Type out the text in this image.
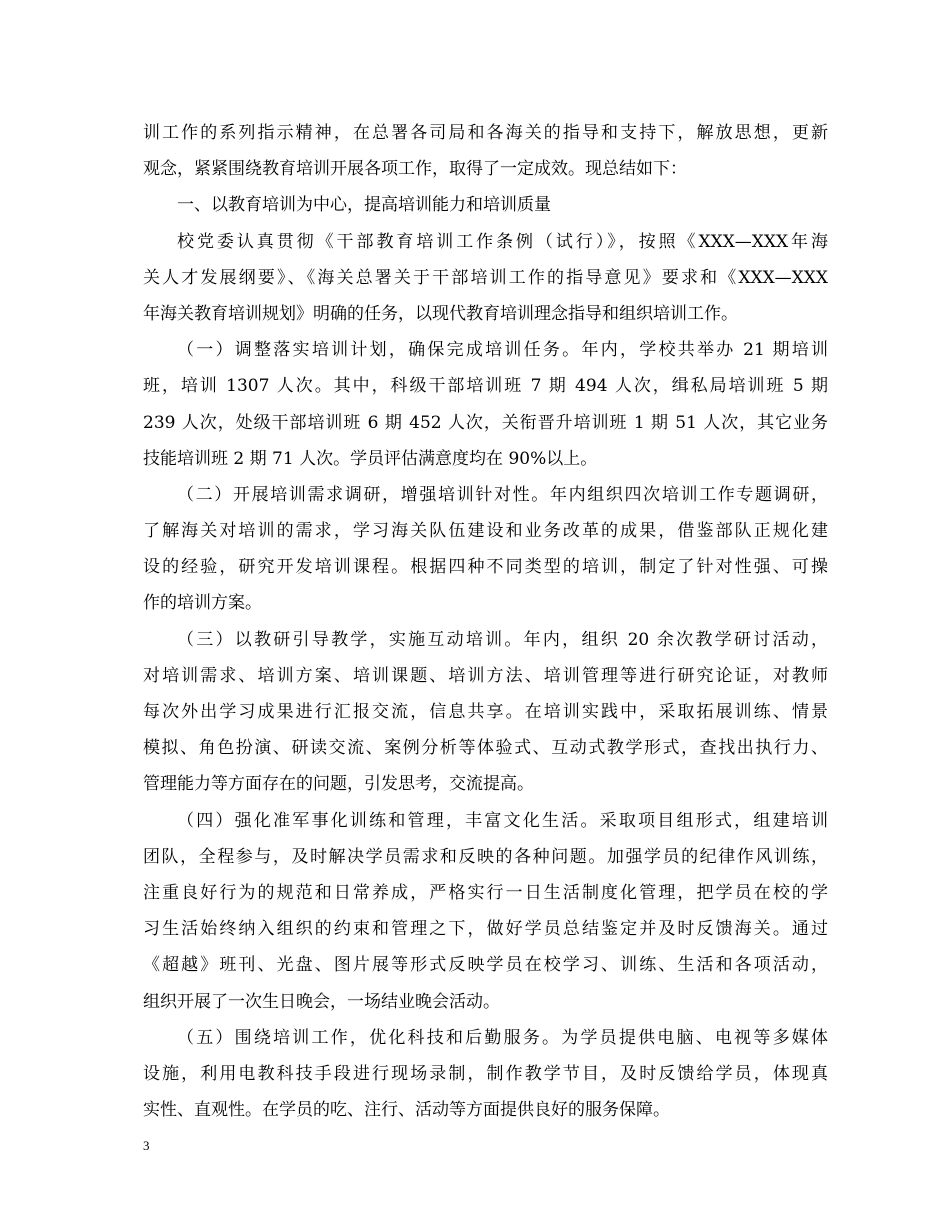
训工作的系列指示精神，在总署各司局和各海关的指导和支持下，解放思想，更新
观念，紧紧围绕教育培训开展各项工作，取得了一定成效。现总结如下：
一、以教育培训为中心，提高培训能力和培训质量
校党委认真贯彻《干部教育培训工作条例（试行）》，按照《XXX—XXX年海
关人才发展纲要》、《海关总署关于干部培训工作的指导意见》要求和《XXX—XXX
年海关教育培训规划》明确的任务，以现代教育培训理念指导和组织培训工作。
（一）调整落实培训计划，确保完成培训任务。年内，学校共举办 21 期培训
班，培训 1307 人次。其中，科级干部培训班 7 期 494 人次，缉私局培训班 5 期
239 人次，处级干部培训班 6 期 452 人次，关衔晋升培训班 1 期 51 人次，其它业务
技能培训班 2 期 71 人次。学员评估满意度均在 90%以上。
（二）开展培训需求调研，增强培训针对性。年内组织四次培训工作专题调研，
了解海关对培训的需求，学习海关队伍建设和业务改革的成果，借鉴部队正规化建
设的经验，研究开发培训课程。根据四种不同类型的培训，制定了针对性强、可操
作的培训方案。
（三）以教研引导教学，实施互动培训。年内，组织 20 余次教学研讨活动，
对培训需求、培训方案、培训课题、培训方法、培训管理等进行研究论证，对教师
每次外出学习成果进行汇报交流，信息共享。在培训实践中，采取拓展训练、情景
模拟、角色扮演、研读交流、案例分析等体验式、互动式教学形式，查找出执行力、
管理能力等方面存在的问题，引发思考，交流提高。
（四）强化准军事化训练和管理，丰富文化生活。采取项目组形式，组建培训
团队，全程参与，及时解决学员需求和反映的各种问题。加强学员的纪律作风训练，
注重良好行为的规范和日常养成，严格实行一日生活制度化管理，把学员在校的学
习生活始终纳入组织的约束和管理之下，做好学员总结鉴定并及时反馈海关。通过
《超越》班刊、光盘、图片展等形式反映学员在校学习、训练、生活和各项活动，
组织开展了一次生日晚会，一场结业晚会活动。
（五）围绕培训工作，优化科技和后勤服务。为学员提供电脑、电视等多媒体
设施，利用电教科技手段进行现场录制，制作教学节目，及时反馈给学员，体现真
实性、直观性。在学员的吃、注行、活动等方面提供良好的服务保障。
3
